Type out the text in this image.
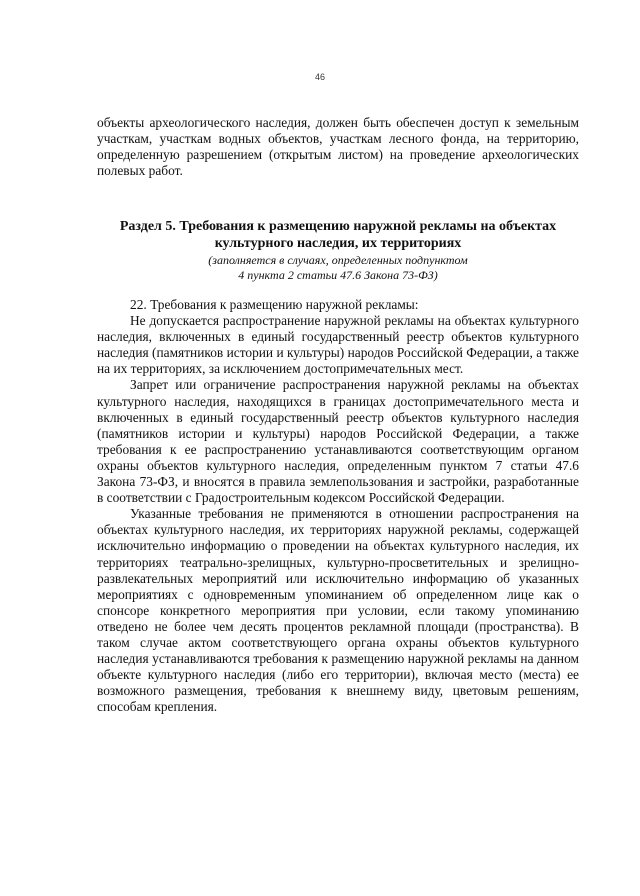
46

объекты археологического наследия, должен быть обеспечен доступ к земельным участкам, участкам водных объектов, участкам лесного фонда, на территорию, определенную разрешением (открытым листом) на проведение археологических полевых работ.

Раздел 5. Требования к размещению наружной рекламы на объектах
культурного наследия, их территориях

(заполняется в случаях, определенных подпунктом
4 пункта 2 статьи 47.6 Закона 73-ФЗ)

22. Требования к размещению наружной рекламы:

Не допускается распространение наружной рекламы на объектах культурного наследия, включенных в единый государственный реестр объектов культурного наследия (памятников истории и культуры) народов Российской Федерации, а также на их территориях, за исключением достопримечательных мест.

Запрет или ограничение распространения наружной рекламы на объектах культурного наследия, находящихся в границах достопримечательного места и включенных в единый государственный реестр объектов культурного наследия (памятников истории и культуры) народов Российской Федерации, а также требования к ее распространению устанавливаются соответствующим органом охраны объектов культурного наследия, определенным пунктом 7 статьи 47.6 Закона 73-ФЗ, и вносятся в правила землепользования и застройки, разработанные в соответствии с Градостроительным кодексом Российской Федерации.

Указанные требования не применяются в отношении распространения на объектах культурного наследия, их территориях наружной рекламы, содержащей исключительно информацию о проведении на объектах культурного наследия, их территориях театрально-зрелищных, культурно-просветительных и зрелищно-развлекательных мероприятий или исключительно информацию об указанных мероприятиях с одновременным упоминанием об определенном лице как о спонсоре конкретного мероприятия при условии, если такому упоминанию отведено не более чем десять процентов рекламной площади (пространства). В таком случае актом соответствующего органа охраны объектов культурного наследия устанавливаются требования к размещению наружной рекламы на данном объекте культурного наследия (либо его территории), включая место (места) ее возможного размещения, требования к внешнему виду, цветовым решениям, способам крепления.
